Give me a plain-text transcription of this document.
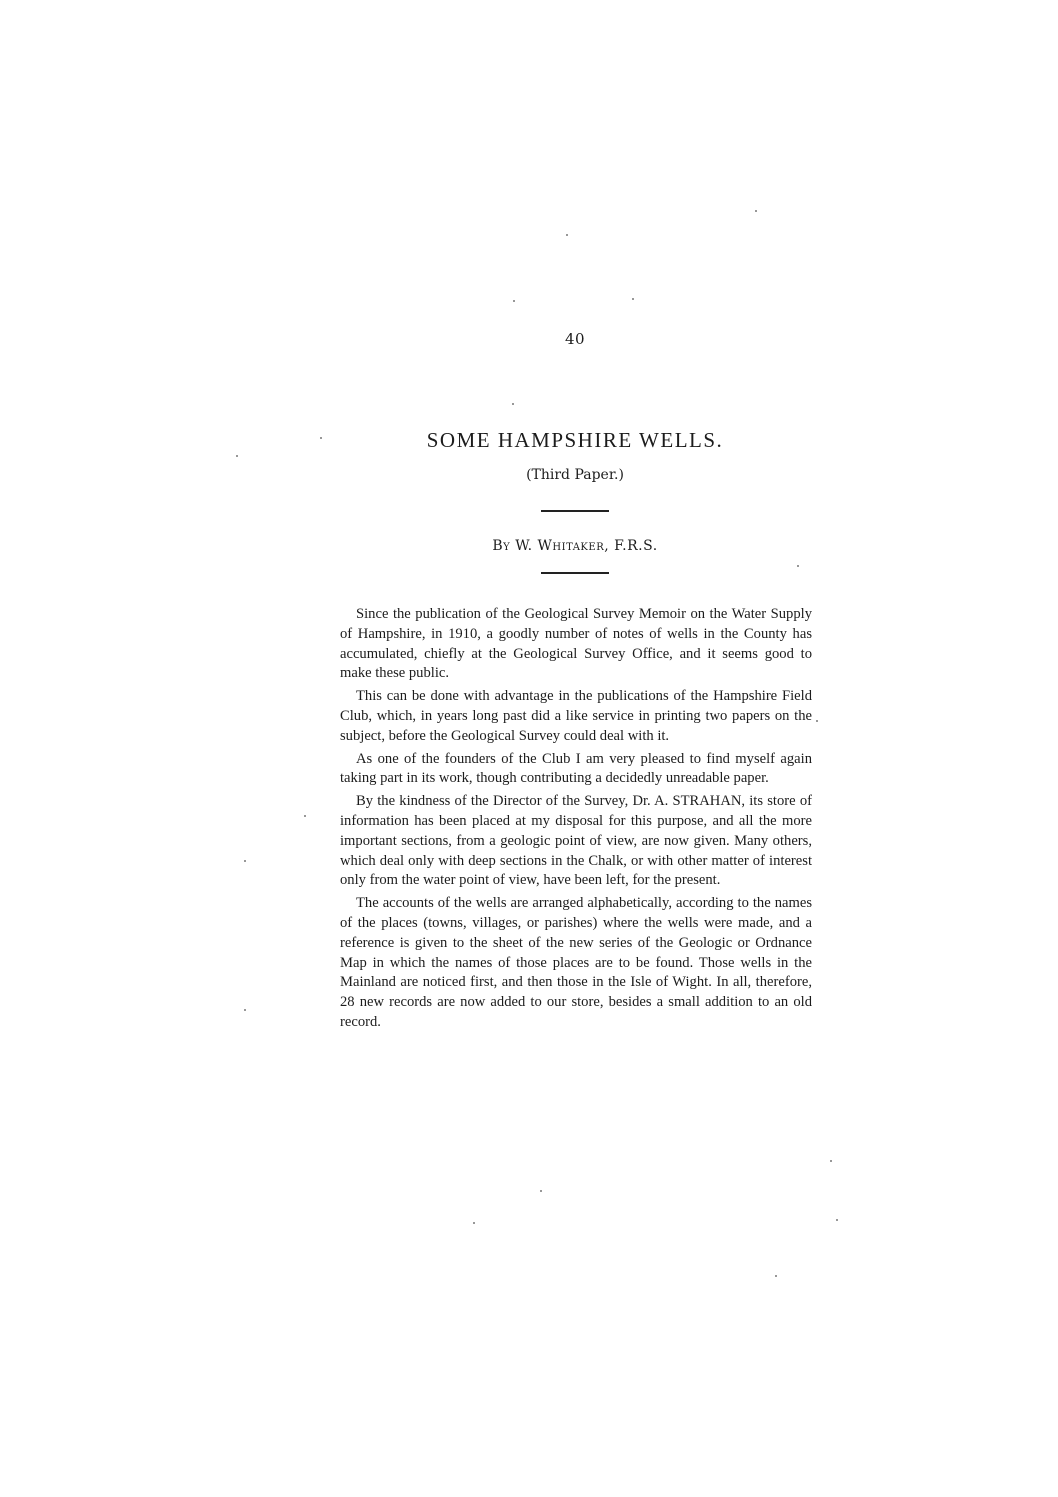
40
SOME HAMPSHIRE WELLS.
(Third Paper.)
By W. Whitaker, F.R.S.

Since the publication of the Geological Survey Memoir on the Water Supply of Hampshire, in 1910, a goodly number of notes of wells in the County has accumulated, chiefly at the Geological Survey Office, and it seems good to make these public.

This can be done with advantage in the publications of the Hampshire Field Club, which, in years long past did a like service in printing two papers on the subject, before the Geological Survey could deal with it.

As one of the founders of the Club I am very pleased to find myself again taking part in its work, though contributing a decidedly unreadable paper.

By the kindness of the Director of the Survey, Dr. A. STRAHAN, its store of information has been placed at my disposal for this purpose, and all the more important sections, from a geologic point of view, are now given. Many others, which deal only with deep sections in the Chalk, or with other matter of interest only from the water point of view, have been left, for the present.

The accounts of the wells are arranged alphabetically, according to the names of the places (towns, villages, or parishes) where the wells were made, and a reference is given to the sheet of the new series of the Geologic or Ordnance Map in which the names of those places are to be found. Those wells in the Mainland are noticed first, and then those in the Isle of Wight. In all, therefore, 28 new records are now added to our store, besides a small addition to an old record.
